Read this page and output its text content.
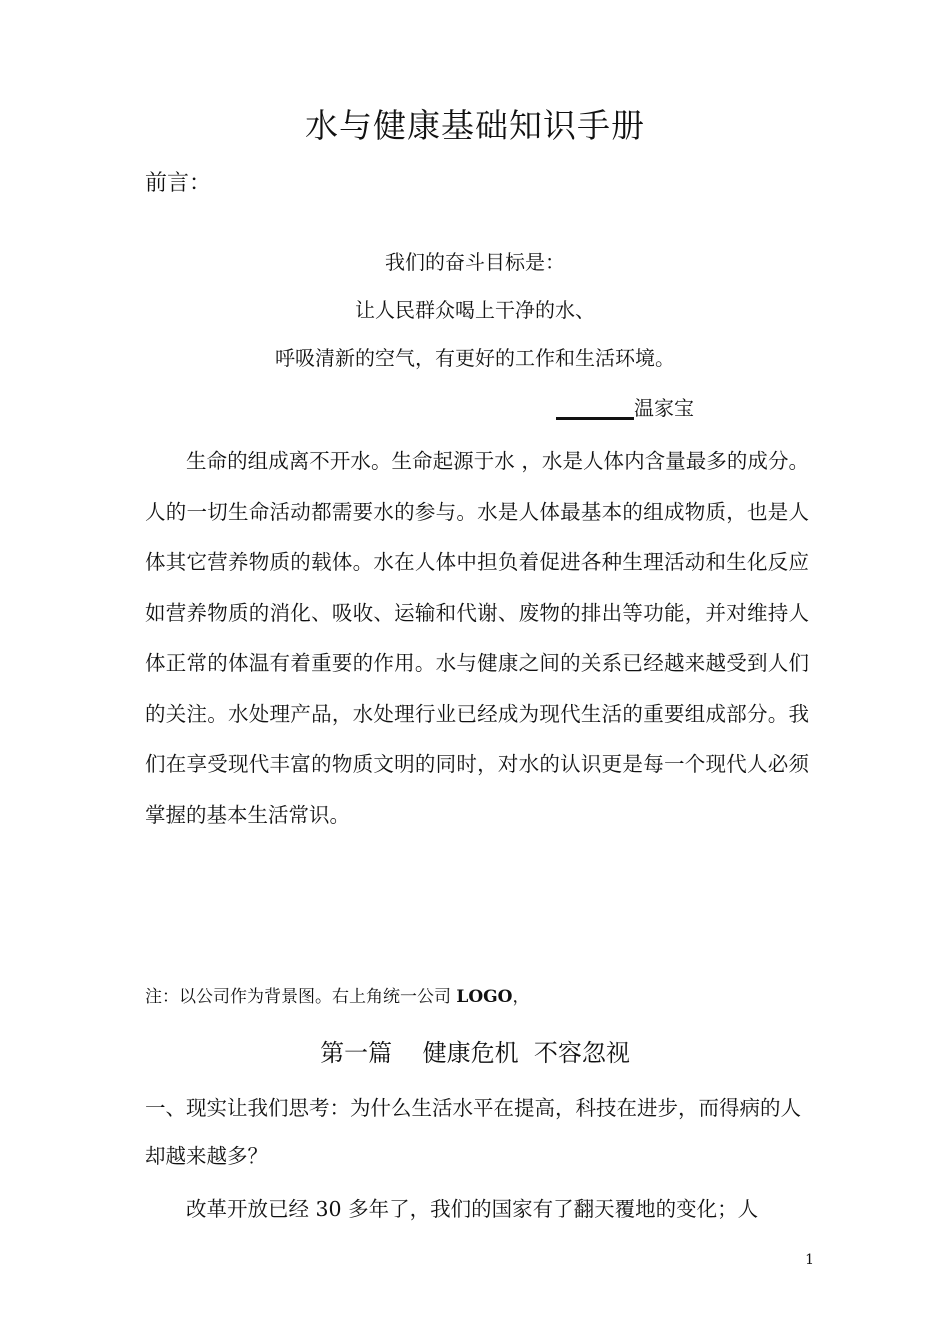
水与健康基础知识手册
前言：
我们的奋斗目标是：
让人民群众喝上干净的水、
呼吸清新的空气，有更好的工作和生活环境。
温家宝

生命的组成离不开水。生命起源于水 ，水是人体内含量最多的成分。人的一切生命活动都需要水的参与。水是人体最基本的组成物质，也是人体其它营养物质的载体。水在人体中担负着促进各种生理活动和生化反应如营养物质的消化、吸收、运输和代谢、废物的排出等功能，并对维持人体正常的体温有着重要的作用。水与健康之间的关系已经越来越受到人们的关注。水处理产品，水处理行业已经成为现代生活的重要组成部分。我们在享受现代丰富的物质文明的同时，对水的认识更是每一个现代人必须掌握的基本生活常识。

注：以公司作为背景图。右上角统一公司 LOGO，
第一篇    健康危机  不容忽视

一、现实让我们思考：为什么生活水平在提高，科技在进步，而得病的人却越来越多？

改革开放已经 30 多年了，我们的国家有了翻天覆地的变化；人

1
